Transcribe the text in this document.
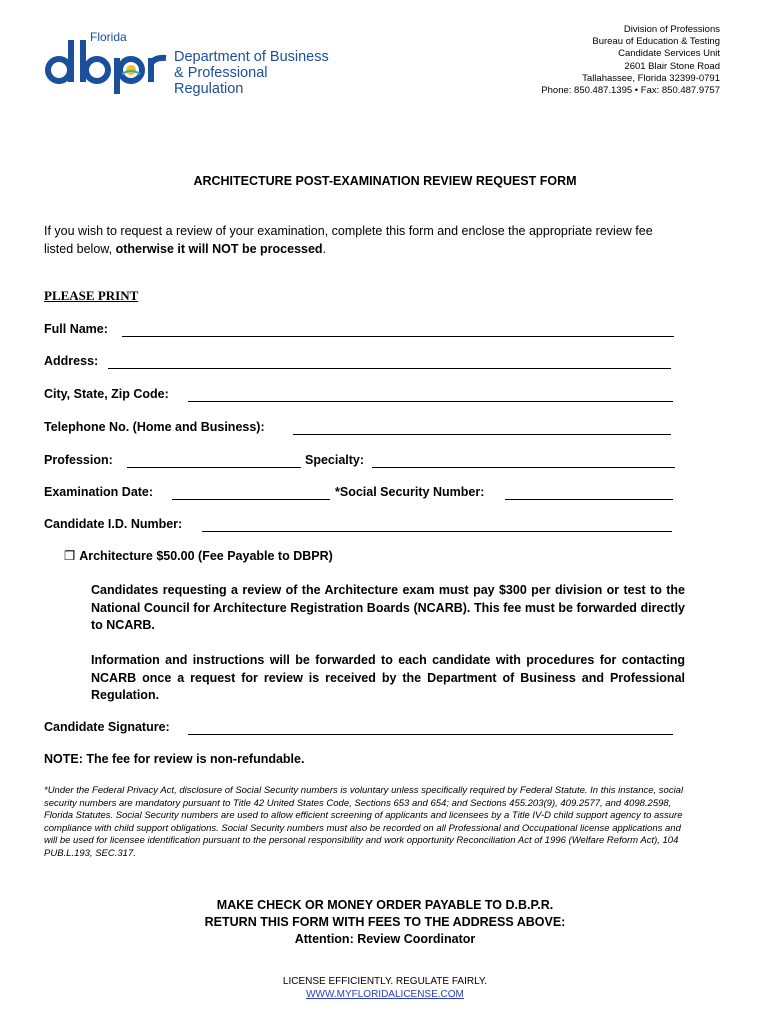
Florida
Department of Business
& Professional Regulation
Division of Professions
Bureau of Education & Testing
Candidate Services Unit
2601 Blair Stone Road
Tallahassee, Florida 32399-0791
Phone: 850.487.1395 • Fax: 850.487.9757
ARCHITECTURE POST-EXAMINATION REVIEW REQUEST FORM
If you wish to request a review of your examination, complete this form and enclose the appropriate review fee listed below, otherwise it will NOT be processed.
PLEASE PRINT
Full Name:
Address:
City, State, Zip Code:
Telephone No. (Home and Business):
Profession:	Specialty:
Examination Date:	*Social Security Number:
Candidate I.D. Number:
❒ Architecture $50.00 (Fee Payable to DBPR)
Candidates requesting a review of the Architecture exam must pay $300 per division or test to the National Council for Architecture Registration Boards (NCARB). This fee must be forwarded directly to NCARB.
Information and instructions will be forwarded to each candidate with procedures for contacting NCARB once a request for review is received by the Department of Business and Professional Regulation.
Candidate Signature:
NOTE: The fee for review is non-refundable.
*Under the Federal Privacy Act, disclosure of Social Security numbers is voluntary unless specifically required by Federal Statute. In this instance, social security numbers are mandatory pursuant to Title 42 United States Code, Sections 653 and 654; and Sections 455.203(9), 409.2577, and 4098.2598, Florida Statutes. Social Security numbers are used to allow efficient screening of applicants and licensees by a Title IV-D child support agency to assure compliance with child support obligations. Social Security numbers must also be recorded on all Professional and Occupational license applications and will be used for licensee identification pursuant to the personal responsibility and work opportunity Reconciliation Act of 1996 (Welfare Reform Act), 104 PUB.L.193, SEC.317.
MAKE CHECK OR MONEY ORDER PAYABLE TO D.B.P.R.
RETURN THIS FORM WITH FEES TO THE ADDRESS ABOVE:
Attention: Review Coordinator
LICENSE EFFICIENTLY. REGULATE FAIRLY.
WWW.MYFLORIDALICENSE.COM
